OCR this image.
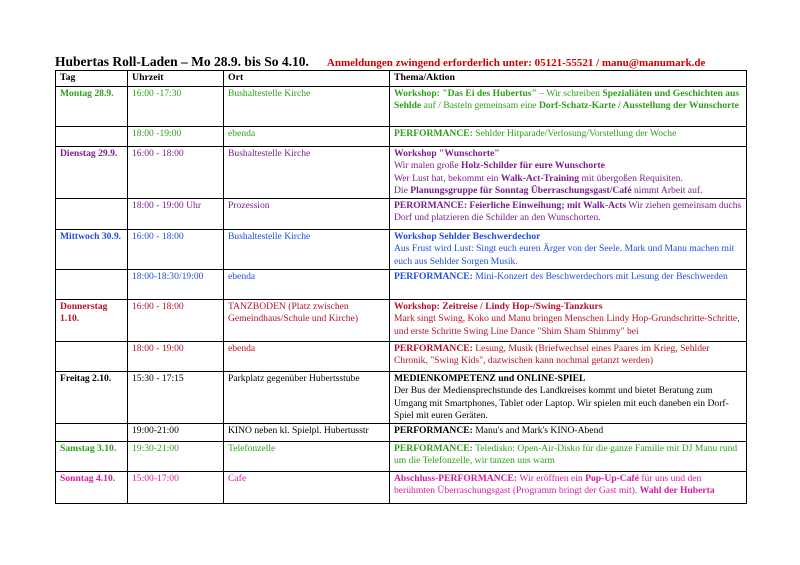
Hubertas Roll-Laden – Mo 28.9. bis So 4.10. Anmeldungen zwingend erforderlich unter: 05121-55521 / manu@manumark.de
Tag	Uhrzeit	Ort	Thema/Aktion
Montag 28.9.	16:00 -17:30	Bushaltestelle Kirche	Workshop: "Das Ei des Hubertus" – Wir schreiben Spezialiäten und Geschichten aus Sehlde auf / Basteln gemeinsam eine Dorf-Schatz-Karte / Ausstellung der Wunschorte
	18:00 -19:00	ebenda	PERFORMANCE: Sehlder Hitparade/Verlosung/Vorstellung der Woche
Dienstag 29.9.	16:00 - 18:00	Bushaltestelle Kirche	Workshop "Wunschorte"
Wir malen große Holz-Schilder für eure Wunschorte
Wer Lust hat, bekommt ein Walk-Act-Training mit übergoßen Requisiten.
Die Planungsgruppe für Sonntag Überraschungsgast/Café nimmt Arbeit auf.
	18:00 - 19:00 Uhr	Prozession	PERORMANCE: Feierliche Einweihung; mit Walk-Acts Wir ziehen gemeinsam duchs Dorf und platzieren die Schilder an den Wunschorten.
Mittwoch 30.9.	16:00 - 18:00	Bushaltestelle Kirche	Workshop Sehlder Beschwerdechor
Aus Frust wird Lust: Singt euch euren Ärger von der Seele. Mark und Manu machen mit euch aus Sehlder Sorgen Musik.
	18:00-18:30/19:00	ebenda	PERFORMANCE: Mini-Konzert des Beschwerdechors mit Lesung der Beschwerden
Donnerstag 1.10.	16:00 - 18:00	TANZBODEN (Platz zwischen Gemeindhaus/Schule und Kirche)	Workshop: Zeitreise / Lindy Hop-/Swing-Tanzkurs
Mark singt Swing, Koko und Manu bringen Menschen Lindy Hop-Grundschritte-Schritte, und erste Schritte Swing Line Dance "Shim Sham Shimmy" bei
	18:00 - 19:00	ebenda	PERFORMANCE: Lesung, Musik (Briefwechsel eines Paares im Krieg, Sehlder Chronik, "Swing Kids", dazwischen kann nochmal getanzt werden)
Freitag 2.10.	15:30 - 17:15	Parkplatz gegenüber Hubertsstube	MEDIENKOMPETENZ und ONLINE-SPIEL
Der Bus der Mediensprechstunde des Landkreises kommt und bietet Beratung zum Umgang mit Smartphones, Tablet oder Laptop. Wir spielen mit euch daneben ein Dorf-Spiel mit euren Geräten.
	19:00-21:00	KINO neben kl. Spielpl. Hubertusstr	PERFORMANCE: Manu's and Mark's KINO-Abend
Samstag 3.10.	19:30-21:00	Telefonzelle	PERFORMANCE: Teledisko: Open-Air-Disko für die ganze Familie mit DJ Manu rund um die Telefonzelle, wir tanzen uns warm
Sonntag 4.10.	15:00-17:00	Cafe	Abschluss-PERFORMANCE: Wir eröffnen ein Pop-Up-Café für uns und den berühmten Überraschungsgast (Programm bringt der Gast mit). Wahl der Huberta
